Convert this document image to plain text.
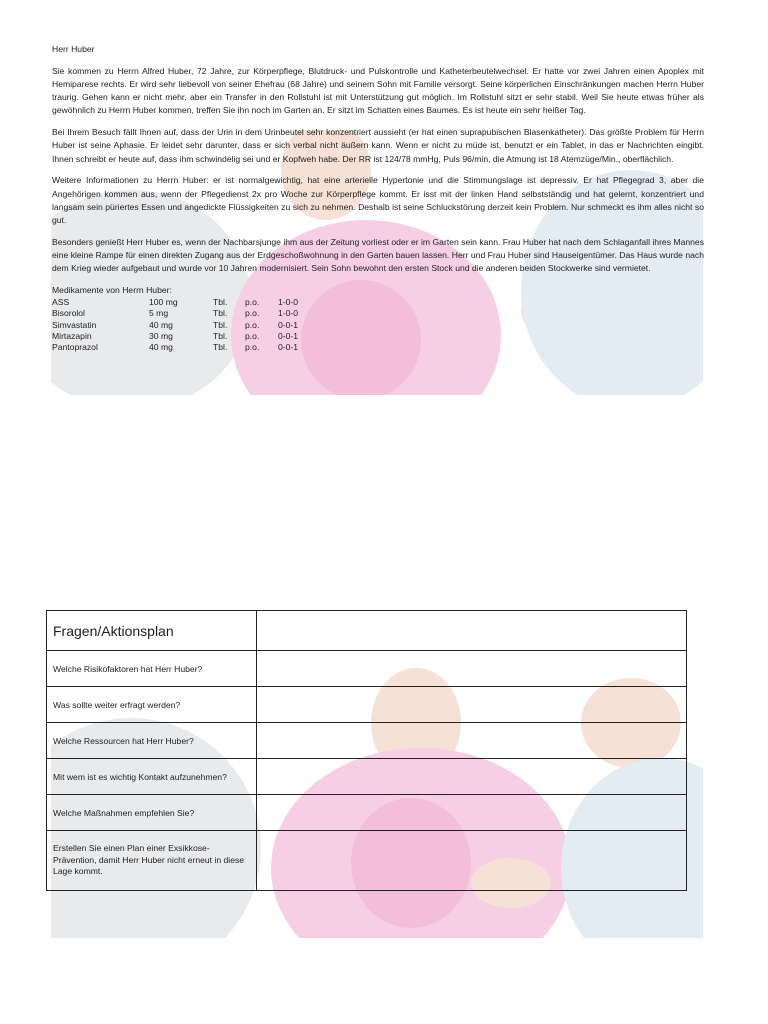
Herr Huber

Sie kommen zu Herrn Alfred Huber, 72 Jahre, zur Körperpflege, Blutdruck- und Pulskontrolle und Katheterbeutelwechsel. Er hatte vor zwei Jahren einen Apoplex mit Hemiparese rechts. Er wird sehr liebevoll von seiner Ehefrau (68 Jahre) und seinem Sohn mit Familie versorgt. Seine körperlichen Einschränkungen machen Herrn Huber traurig. Gehen kann er nicht mehr, aber ein Transfer in den Rollstuhl ist mit Unterstützung gut möglich. Im Rollstuhl sitzt er sehr stabil. Weil Sie heute etwas früher als gewöhnlich zu Herrn Huber kommen, treffen Sie ihn noch im Garten an. Er sitzt im Schatten eines Baumes. Es ist heute ein sehr heißer Tag.

Bei Ihrem Besuch fällt Ihnen auf, dass der Urin in dem Urinbeutel sehr konzentriert aussieht (er hat einen suprapubischen Blasenkatheter). Das größte Problem für Herrn Huber ist seine Aphasie. Er leidet sehr darunter, dass er sich verbal nicht äußern kann. Wenn er nicht zu müde ist, benutzt er ein Tablet, in das er Nachrichten eingibt. Ihnen schreibt er heute auf, dass ihm schwindelig sei und er Kopfweh habe. Der RR ist 124/78 mmHg, Puls 96/min, die Atmung ist 18 Atemzüge/Min., oberflächlich.

Weitere Informationen zu Herrn Huber: er ist normalgewichtig, hat eine arterielle Hypertonie und die Stimmungslage ist depressiv. Er hat Pflegegrad 3, aber die Angehörigen kommen aus, wenn der Pflegedienst 2x pro Woche zur Körperpflege kommt. Er isst mit der linken Hand selbstständig und hat gelernt, konzentriert und langsam sein püriertes Essen und angedickte Flüssigkeiten zu sich zu nehmen. Deshalb ist seine Schluckstörung derzeit kein Problem. Nur schmeckt es ihm alles nicht so gut.

Besonders genießt Herr Huber es, wenn der Nachbarsjunge ihm aus der Zeitung vorliest oder er im Garten sein kann. Frau Huber hat nach dem Schlaganfall ihres Mannes eine kleine Rampe für einen direkten Zugang aus der Erdgeschoßwohnung in den Garten bauen lassen. Herr und Frau Huber sind Hauseigentümer. Das Haus wurde nach dem Krieg wieder aufgebaut und wurde vor 10 Jahren modernisiert. Sein Sohn bewohnt den ersten Stock und die anderen beiden Stockwerke sind vermietet.

Medikamente von Herrn Huber:
ASS	100 mg	Tbl.	p.o.	1-0-0
Bisorolol	5 mg	Tbl.	p.o.	1-0-0
Simvastatin	40 mg	Tbl.	p.o.	0-0-1
Mirtazapin	30 mg	Tbl.	p.o.	0-0-1
Pantoprazol	40 mg	Tbl.	p.o.	0-0-1
Fragen/Aktionsplan	
Welche Risikofaktoren hat Herr Huber?	
Was sollte weiter erfragt werden?	
Welche Ressourcen hat Herr Huber?	
Mit wem ist es wichtig Kontakt aufzunehmen?	
Welche Maßnahmen empfehlen Sie?	
Erstellen Sie einen Plan einer Exsikkose-Prävention, damit Herr Huber nicht erneut in diese Lage kommt.	
